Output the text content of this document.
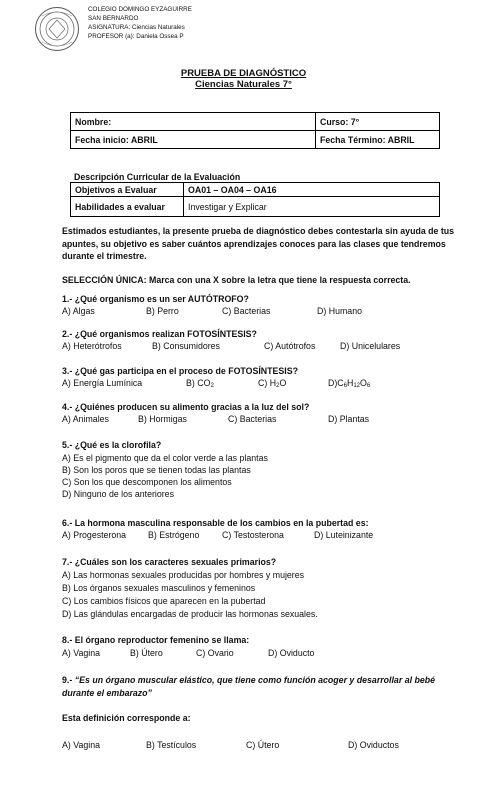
COLEGIO DOMINGO EYZAGUIRRE
SAN BERNARDO
ASIGNATURA: Ciencias Naturales
PROFESOR (a): Daniela Ossea P
PRUEBA DE DIAGNÓSTICO
Ciencias Naturales 7°
Nombre:	Curso: 7°
Fecha inicio: ABRIL	Fecha Término: ABRIL
Descripción Curricular de la Evaluación
Objetivos a Evaluar	OA01 – OA04 – OA16
Habilidades a evaluar	Investigar y Explicar
Estimados estudiantes, la presente prueba de diagnóstico debes contestarla sin ayuda de tus apuntes, su objetivo es saber cuántos aprendizajes conoces para las clases que tendremos durante el trimestre.
SELECCIÓN ÚNICA: Marca con una X sobre la letra que tiene la respuesta correcta.
1.- ¿Qué organismo es un ser AUTÓTROFO?
A) Algas	B) Perro	C) Bacterias	D) Humano
2.- ¿Qué organismos realizan FOTOSÍNTESIS?
A) Heterótrofos	B) Consumidores	C) Autótrofos	D) Unicelulares
3.- ¿Qué gas participa en el proceso de FOTOSÍNTESIS?
A) Energía Lumínica	B) $CO_2$	C) $H_2O$	$D)C_6H_{12}O_6$
4.- ¿Quiénes producen su alimento gracias a la luz del sol?
A) Animales	B) Hormigas	C) Bacterias	D) Plantas
5.- ¿Qué es la clorofila?
A) Es el pigmento que da el color verde a las plantas
B) Son los poros que se tienen todas las plantas
C) Son los que descomponen los alimentos
D) Ninguno de los anteriores
6.- La hormona masculina responsable de los cambios en la pubertad es:
A) Progesterona	B) Estrógeno	C) Testosterona	D) Luteinizante
7.- ¿Cuáles son los caracteres sexuales primarios?
A) Las hormonas sexuales producidas por hombres y mujeres
B) Los órganos sexuales masculinos y femeninos
C) Los cambios físicos que aparecen en la pubertad
D) Las glándulas encargadas de producir las hormonas sexuales.
8.- El órgano reproductor femenino se llama:
A) Vagina	B) Útero	C) Ovario	D) Oviducto
9.- “Es un órgano muscular elástico, que tiene como función acoger y desarrollar al bebé durante el embarazo”
Esta definición corresponde a:
A) Vagina	B) Testículos	C) Útero	D) Oviductos
